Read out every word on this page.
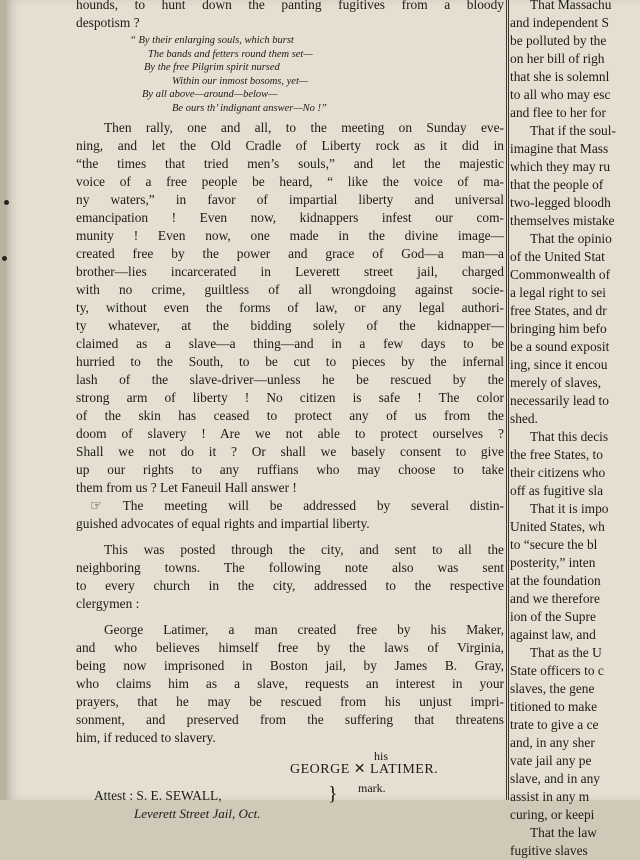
hounds, to hunt down the panting fugitives from a bloody
despotism ?
“ By their enlarging souls, which burst
The bands and fetters round them set—
By the free Pilgrim spirit nursed
Within our inmost bosoms, yet—
By all above—around—below—
Be ours th’ indignant answer—No !”
Then rally, one and all, to the meeting on Sunday eve-
ning, and let the Old Cradle of Liberty rock as it did in
“the times that tried men’s souls,” and let the majestic
voice of a free people be heard, “ like the voice of ma-
ny waters,” in favor of impartial liberty and universal
emancipation ! Even now, kidnappers infest our com-
munity ! Even now, one made in the divine image—
created free by the power and grace of God—a man—a
brother—lies incarcerated in Leverett street jail, charged
with no crime, guiltless of all wrongdoing against socie-
ty, without even the forms of law, or any legal authori-
ty whatever, at the bidding solely of the kidnapper—
claimed as a slave—a thing—and in a few days to be
hurried to the South, to be cut to pieces by the infernal
lash of the slave-driver—unless he be rescued by the
strong arm of liberty ! No citizen is safe ! The color
of the skin has ceased to protect any of us from the
doom of slavery ! Are we not able to protect ourselves ?
Shall we not do it ? Or shall we basely consent to give
up our rights to any ruffians who may choose to take
them from us ? Let Faneuil Hall answer !
☞ The meeting will be addressed by several distin-
guished advocates of equal rights and impartial liberty.
This was posted through the city, and sent to all the
neighboring towns. The following note also was sent
to every church in the city, addressed to the respective
clergymen :
George Latimer, a man created free by his Maker,
and who believes himself free by the laws of Virginia,
being now imprisoned in Boston jail, by James B. Gray,
who claims him as a slave, requests an interest in your
prayers, that he may be rescued from his unjust impri-
sonment, and preserved from the suffering that threatens
him, if reduced to slavery.
his
GEORGE ✕ LATIMER.
mark.
Attest : S. E. SEWALL,	}
Leverett Street Jail, Oct.
That Massachu
and independent S
be polluted by the
on her bill of righ
that she is solemnl
to all who may esc
and flee to her for
That if the soul-
imagine that Mass
which they may ru
that the people of
two-legged bloodh
themselves mistake
That the opinio
of the United Stat
Commonwealth of
a legal right to sei
free States, and dr
bringing him befo
be a sound exposit
ing, since it encou
merely of slaves,
necessarily lead to
shed.
That this decis
the free States, to
their citizens who
off as fugitive sla
That it is impo
United States, wh
to “secure the bl
posterity,” inten
at the foundation
and we therefore
ion of the Supre
against law, and
That as the U
State officers to c
slaves, the gene
titioned to make
trate to give a ce
and, in any sher
vate jail any pe
slave, and in any
assist in any m
curing, or keepi
That the law
fugitive slaves
